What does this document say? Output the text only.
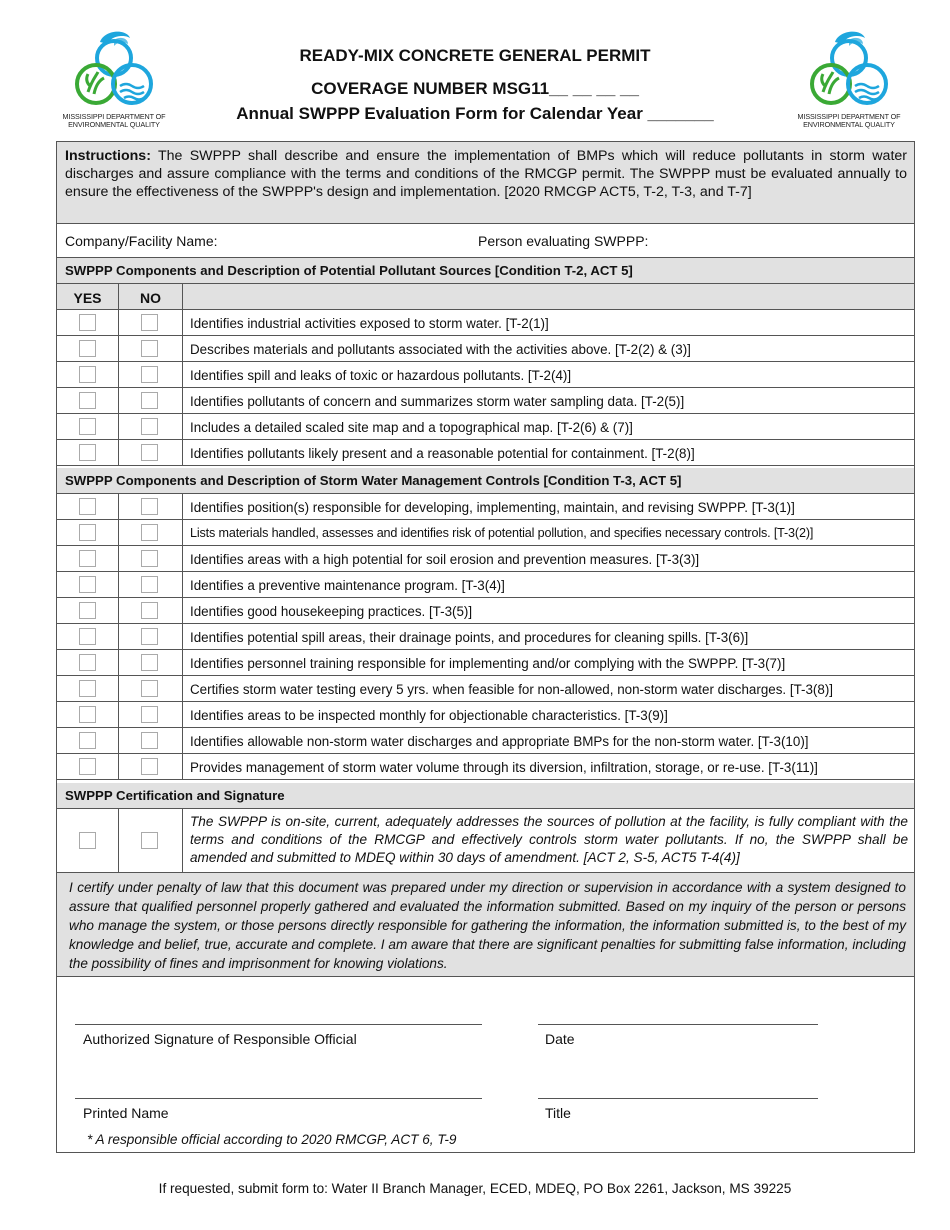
MISSISSIPPI DEPARTMENT OF
ENVIRONMENTAL QUALITY
MISSISSIPPI DEPARTMENT OF
ENVIRONMENTAL QUALITY
READY-MIX CONCRETE GENERAL PERMIT
COVERAGE NUMBER MSG11__ __ __ __
Annual SWPPP Evaluation Form for Calendar Year _______
Instructions: The SWPPP shall describe and ensure the implementation of BMPs which will reduce pollutants in storm water discharges and assure compliance with the terms and conditions of the RMCGP permit. The SWPPP must be evaluated annually to ensure the effectiveness of the SWPPP's design and implementation. [2020 RMCGP ACT5, T-2, T-3, and T-7]
Company/Facility Name:	Person evaluating SWPPP:
SWPPP Components and Description of Potential Pollutant Sources [Condition T-2, ACT 5]
YES	NO
Identifies industrial activities exposed to storm water. [T-2(1)]
Describes materials and pollutants associated with the activities above. [T-2(2) & (3)]
Identifies spill and leaks of toxic or hazardous pollutants. [T-2(4)]
Identifies pollutants of concern and summarizes storm water sampling data. [T-2(5)]
Includes a detailed scaled site map and a topographical map. [T-2(6) & (7)]
Identifies pollutants likely present and a reasonable potential for containment. [T-2(8)]
SWPPP Components and Description of Storm Water Management Controls [Condition T-3, ACT 5]
Identifies position(s) responsible for developing, implementing, maintain, and revising SWPPP. [T-3(1)]
Lists materials handled, assesses and identifies risk of potential pollution, and specifies necessary controls. [T-3(2)]
Identifies areas with a high potential for soil erosion and prevention measures. [T-3(3)]
Identifies a preventive maintenance program. [T-3(4)]
Identifies good housekeeping practices. [T-3(5)]
Identifies potential spill areas, their drainage points, and procedures for cleaning spills. [T-3(6)]
Identifies personnel training responsible for implementing and/or complying with the SWPPP. [T-3(7)]
Certifies storm water testing every 5 yrs. when feasible for non-allowed, non-storm water discharges. [T-3(8)]
Identifies areas to be inspected monthly for objectionable characteristics. [T-3(9)]
Identifies allowable non-storm water discharges and appropriate BMPs for the non-storm water. [T-3(10)]
Provides management of storm water volume through its diversion, infiltration, storage, or re-use. [T-3(11)]
SWPPP Certification and Signature
The SWPPP is on-site, current, adequately addresses the sources of pollution at the facility, is fully compliant with the terms and conditions of the RMCGP and effectively controls storm water pollutants. If no, the SWPPP shall be amended and submitted to MDEQ within 30 days of amendment. [ACT 2, S-5, ACT5 T-4(4)]
I certify under penalty of law that this document was prepared under my direction or supervision in accordance with a system designed to assure that qualified personnel properly gathered and evaluated the information submitted. Based on my inquiry of the person or persons who manage the system, or those persons directly responsible for gathering the information, the information submitted is, to the best of my knowledge and belief, true, accurate and complete. I am aware that there are significant penalties for submitting false information, including the possibility of fines and imprisonment for knowing violations.
Authorized Signature of Responsible Official	Date
Printed Name	Title
* A responsible official according to 2020 RMCGP, ACT 6, T-9
If requested, submit form to: Water II Branch Manager, ECED, MDEQ, PO Box 2261, Jackson, MS 39225
